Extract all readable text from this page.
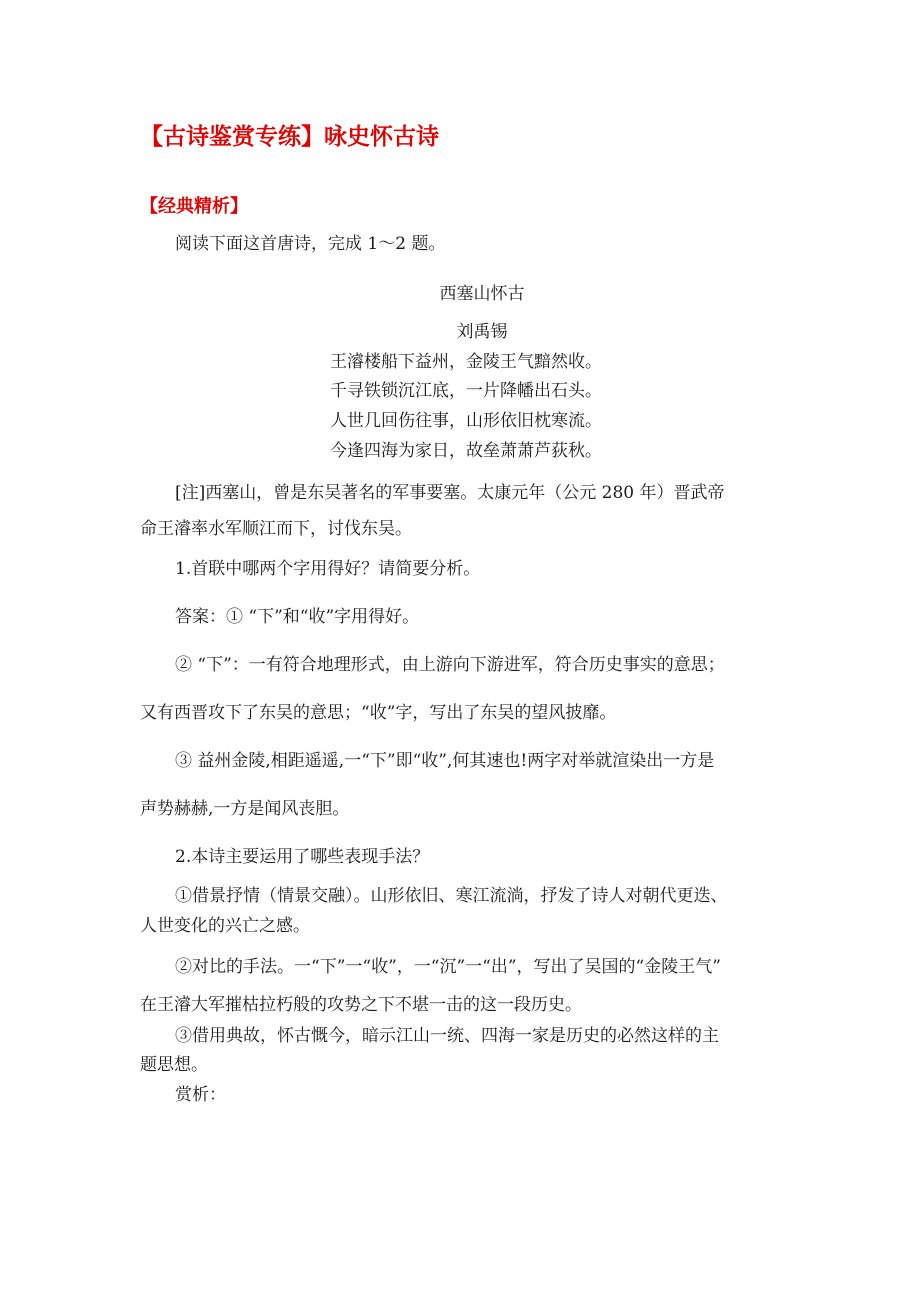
【古诗鉴赏专练】咏史怀古诗
【经典精析】
阅读下面这首唐诗，完成 1～2 题。
西塞山怀古
刘禹锡
王濬楼船下益州，金陵王气黯然收。
千寻铁锁沉江底，一片降幡出石头。
人世几回伤往事，山形依旧枕寒流。
今逢四海为家日，故垒萧萧芦荻秋。
[注]西塞山，曾是东吴著名的军事要塞。太康元年（公元 280 年）晋武帝
命王濬率水军顺江而下，讨伐东吴。
1.首联中哪两个字用得好？请简要分析。
答案：① “下”和“收”字用得好。
② “下”：一有符合地理形式，由上游向下游进军，符合历史事实的意思；
又有西晋攻下了东吴的意思；“收”字，写出了东吴的望风披靡。
③ 益州金陵,相距遥遥,一“下”即“收”,何其速也!两字对举就渲染出一方是
声势赫赫,一方是闻风丧胆。
2.本诗主要运用了哪些表现手法？
①借景抒情（情景交融）。山形依旧、寒江流淌，抒发了诗人对朝代更迭、
人世变化的兴亡之感。
②对比的手法。一“下”一“收”，一“沉”一“出”，写出了吴国的“金陵王气”
在王濬大军摧枯拉朽般的攻势之下不堪一击的这一段历史。
③借用典故，怀古慨今，暗示江山一统、四海一家是历史的必然这样的主
题思想。
赏析：
